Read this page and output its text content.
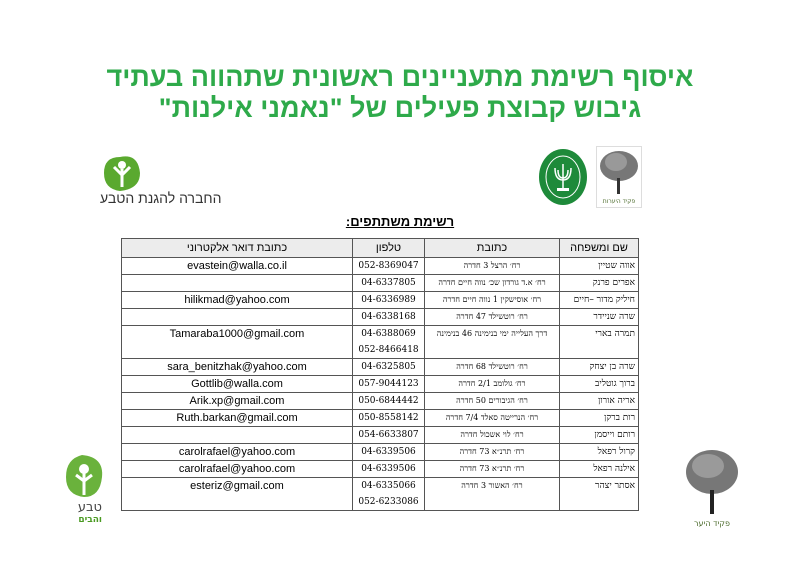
איסוף רשימת מתעניינים ראשונית שתהווה בעתיד
גיבוש קבוצת פעילים של "נאמני אילנות"
החברה להגנת הטבע	פקיד היערות
טבע
והבים	פקיד היער
רשימת משתתפים:
שם ומשפחה	כתובת	טלפון	כתובת דואר אלקטרוני

אווה שטיין	רח׳ הרצל 3 חדרה	052-8369047	evastein@walla.co.il

אפרים פרנק	רח׳ א.ד גורדון שכ׳ נווה חיים חדרה	04-6337805	

חיליק מדור –חיים	רח׳ אוסישקין 1 נווה חיים חדרה	04-6336989	hilikmad@yahoo.com

שרה שניידר	רח׳ רוטשילד 47 חדרה	04-6338168	

תמרה בארי	דרך העלייה ימי בנימינה 46 בנימינה	04-6388069
052-8466418	Tamaraba1000@gmail.com

שרה בן יצחק	רח׳ רוטשילד 68 חדרה	04-6325805	sara_benitzhak@yahoo.com

ברוך גוטליב	רח׳ גולומב 2/1 חדרה	057-9044123	Gottlib@walla.com

אריה אורון	רח׳ הגיבורים 50 חדרה	050-6844442	Arik.xp@gmail.com

רות ברקן	רח׳ הנרייטה סאלד 7/4 חדרה	050-8558142	Ruth.barkan@gmail.com

רותם וייסמן	רח׳ לוי אשכול חדרה	054-6633807	

קרול רפאל	רח׳ תרנ״א 73 חדרה	04-6339506	carolrafael@yahoo.com

אילנה רפאל	רח׳ תרנ״א 73 חדרה	04-6339506	carolrafael@yahoo.com

אסתר יצהר	רח׳ האשור 3 חדרה	04-6335066
052-6233086	esteriz@gmail.com
